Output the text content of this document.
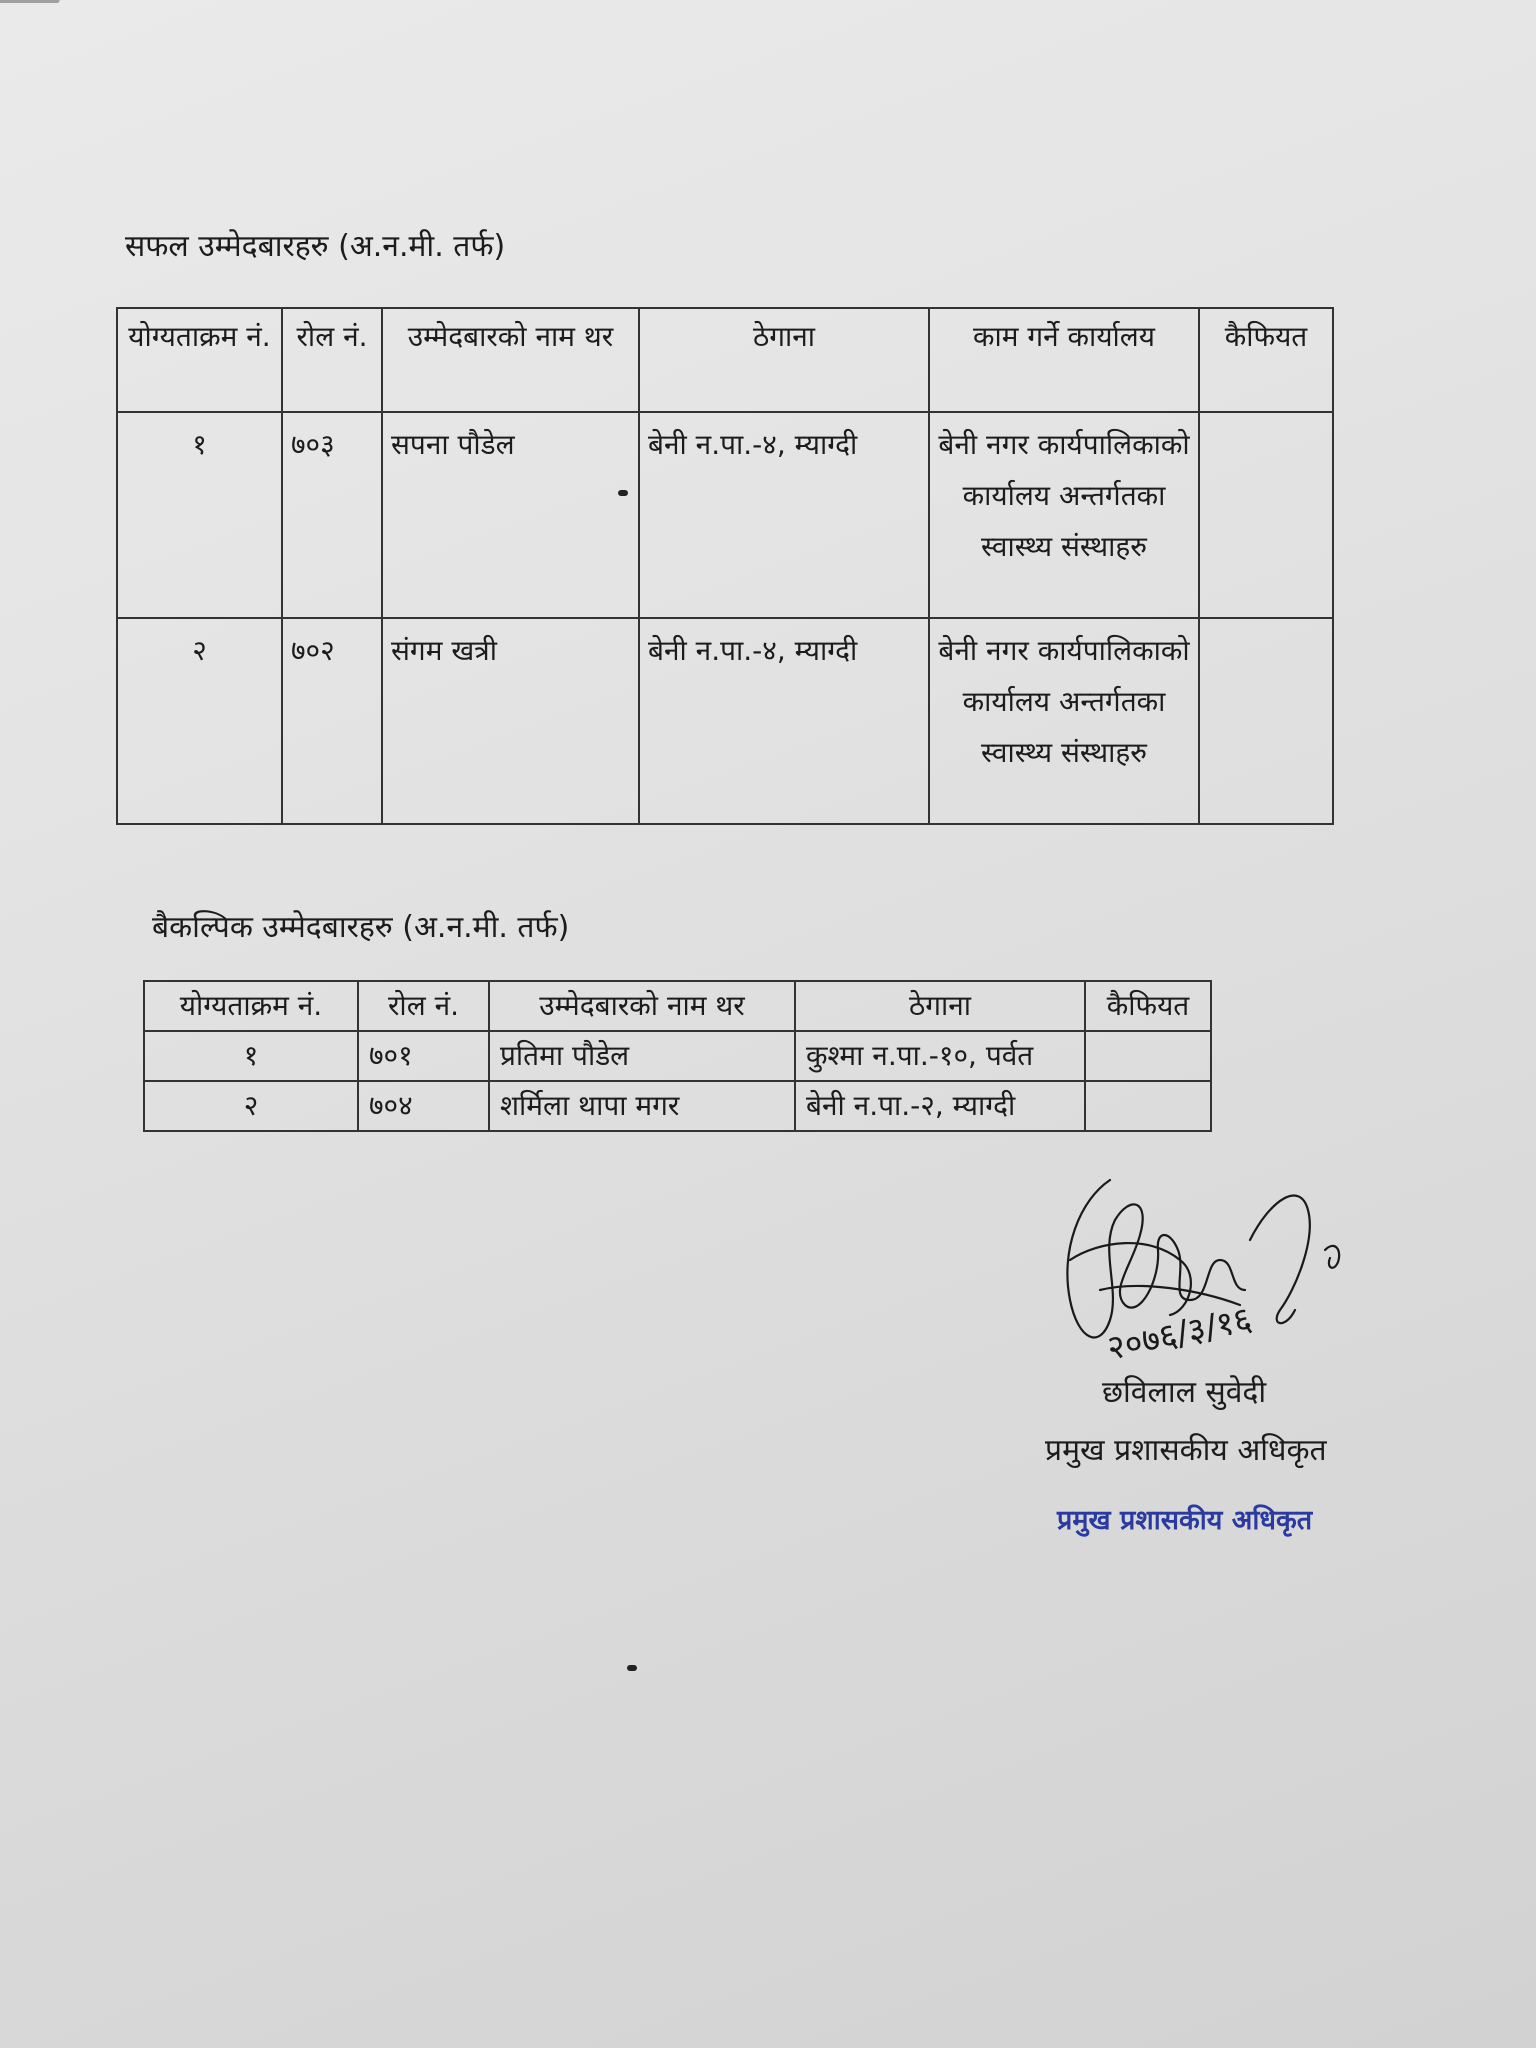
सफल उम्मेदबारहरु (अ.न.मी. तर्फ)
योग्यताक्रम नं.	रोल नं.	उम्मेदबारको नाम थर	ठेगाना	काम गर्ने कार्यालय	कैफियत
१	७०३	सपना पौडेल	बेनी न.पा.-४, म्याग्दी	बेनी नगर कार्यपालिकाको कार्यालय अन्तर्गतका स्वास्थ्य संस्थाहरु	
२	७०२	संगम खत्री	बेनी न.पा.-४, म्याग्दी	बेनी नगर कार्यपालिकाको कार्यालय अन्तर्गतका स्वास्थ्य संस्थाहरु	
बैकल्पिक उम्मेदबारहरु (अ.न.मी. तर्फ)
योग्यताक्रम नं.	रोल नं.	उम्मेदबारको नाम थर	ठेगाना	कैफियत
१	७०१	प्रतिमा पौडेल	कुश्मा न.पा.-१०, पर्वत	
२	७०४	शर्मिला थापा मगर	बेनी न.पा.-२, म्याग्दी	
२०७६/३/१६
छविलाल सुवेदी
प्रमुख प्रशासकीय अधिकृत
प्रमुख प्रशासकीय अधिकृत
